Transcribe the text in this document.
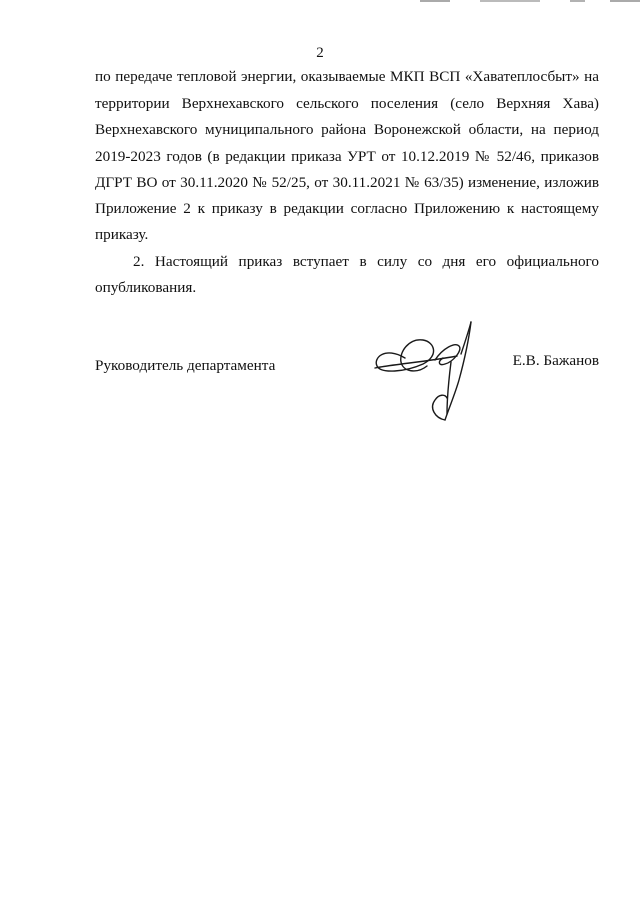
2
по передаче тепловой энергии, оказываемые МКП ВСП «Хаватеплосбыт» на
территории Верхнехавского сельского поселения (село Верхняя Хава)
Верхнехавского муниципального района Воронежской области, на период
2019-2023 годов (в редакции приказа УРТ от 10.12.2019 № 52/46, приказов
ДГРТ ВО от 30.11.2020 № 52/25, от 30.11.2021 № 63/35) изменение, изложив
Приложение 2 к приказу в редакции согласно Приложению к настоящему
приказу.
2. Настоящий приказ вступает в силу со дня его официального
опубликования.
Руководитель департамента	Е.В. Бажанов
